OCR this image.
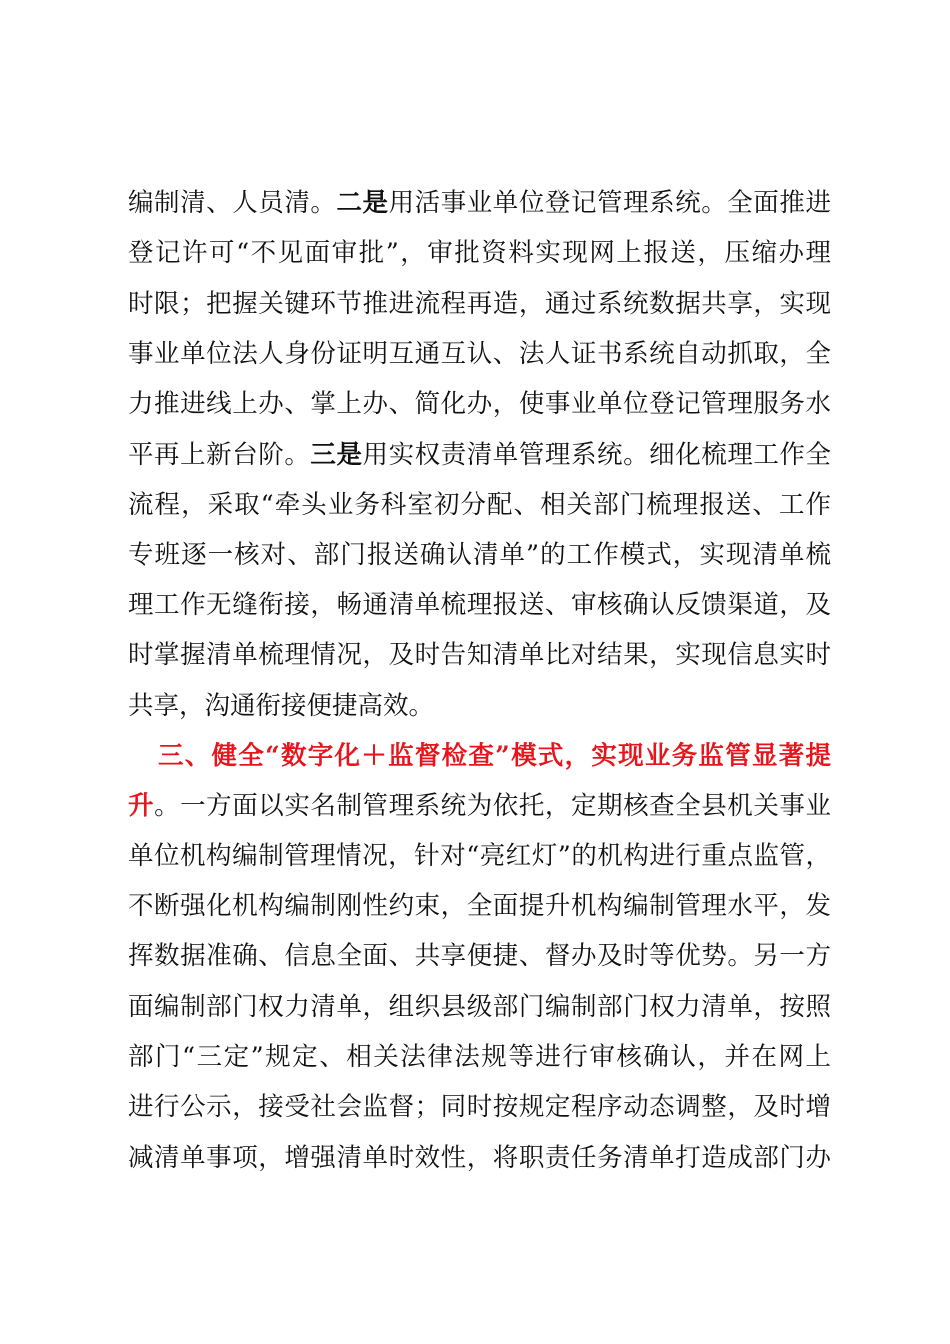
编制清、人员清。二是用活事业单位登记管理系统。全面推进
登记许可“不见面审批”，审批资料实现网上报送，压缩办理
时限；把握关键环节推进流程再造，通过系统数据共享，实现
事业单位法人身份证明互通互认、法人证书系统自动抓取，全
力推进线上办、掌上办、简化办，使事业单位登记管理服务水
平再上新台阶。三是用实权责清单管理系统。细化梳理工作全
流程，采取“牵头业务科室初分配、相关部门梳理报送、工作
专班逐一核对、部门报送确认清单”的工作模式，实现清单梳
理工作无缝衔接，畅通清单梳理报送、审核确认反馈渠道，及
时掌握清单梳理情况，及时告知清单比对结果，实现信息实时
共享，沟通衔接便捷高效。
三、健全“数字化＋监督检查”模式，实现业务监管显著提
升。一方面以实名制管理系统为依托，定期核查全县机关事业
单位机构编制管理情况，针对“亮红灯”的机构进行重点监管，
不断强化机构编制刚性约束，全面提升机构编制管理水平，发
挥数据准确、信息全面、共享便捷、督办及时等优势。另一方
面编制部门权力清单，组织县级部门编制部门权力清单，按照
部门“三定”规定、相关法律法规等进行审核确认，并在网上
进行公示，接受社会监督；同时按规定程序动态调整，及时增
减清单事项，增强清单时效性，将职责任务清单打造成部门办
